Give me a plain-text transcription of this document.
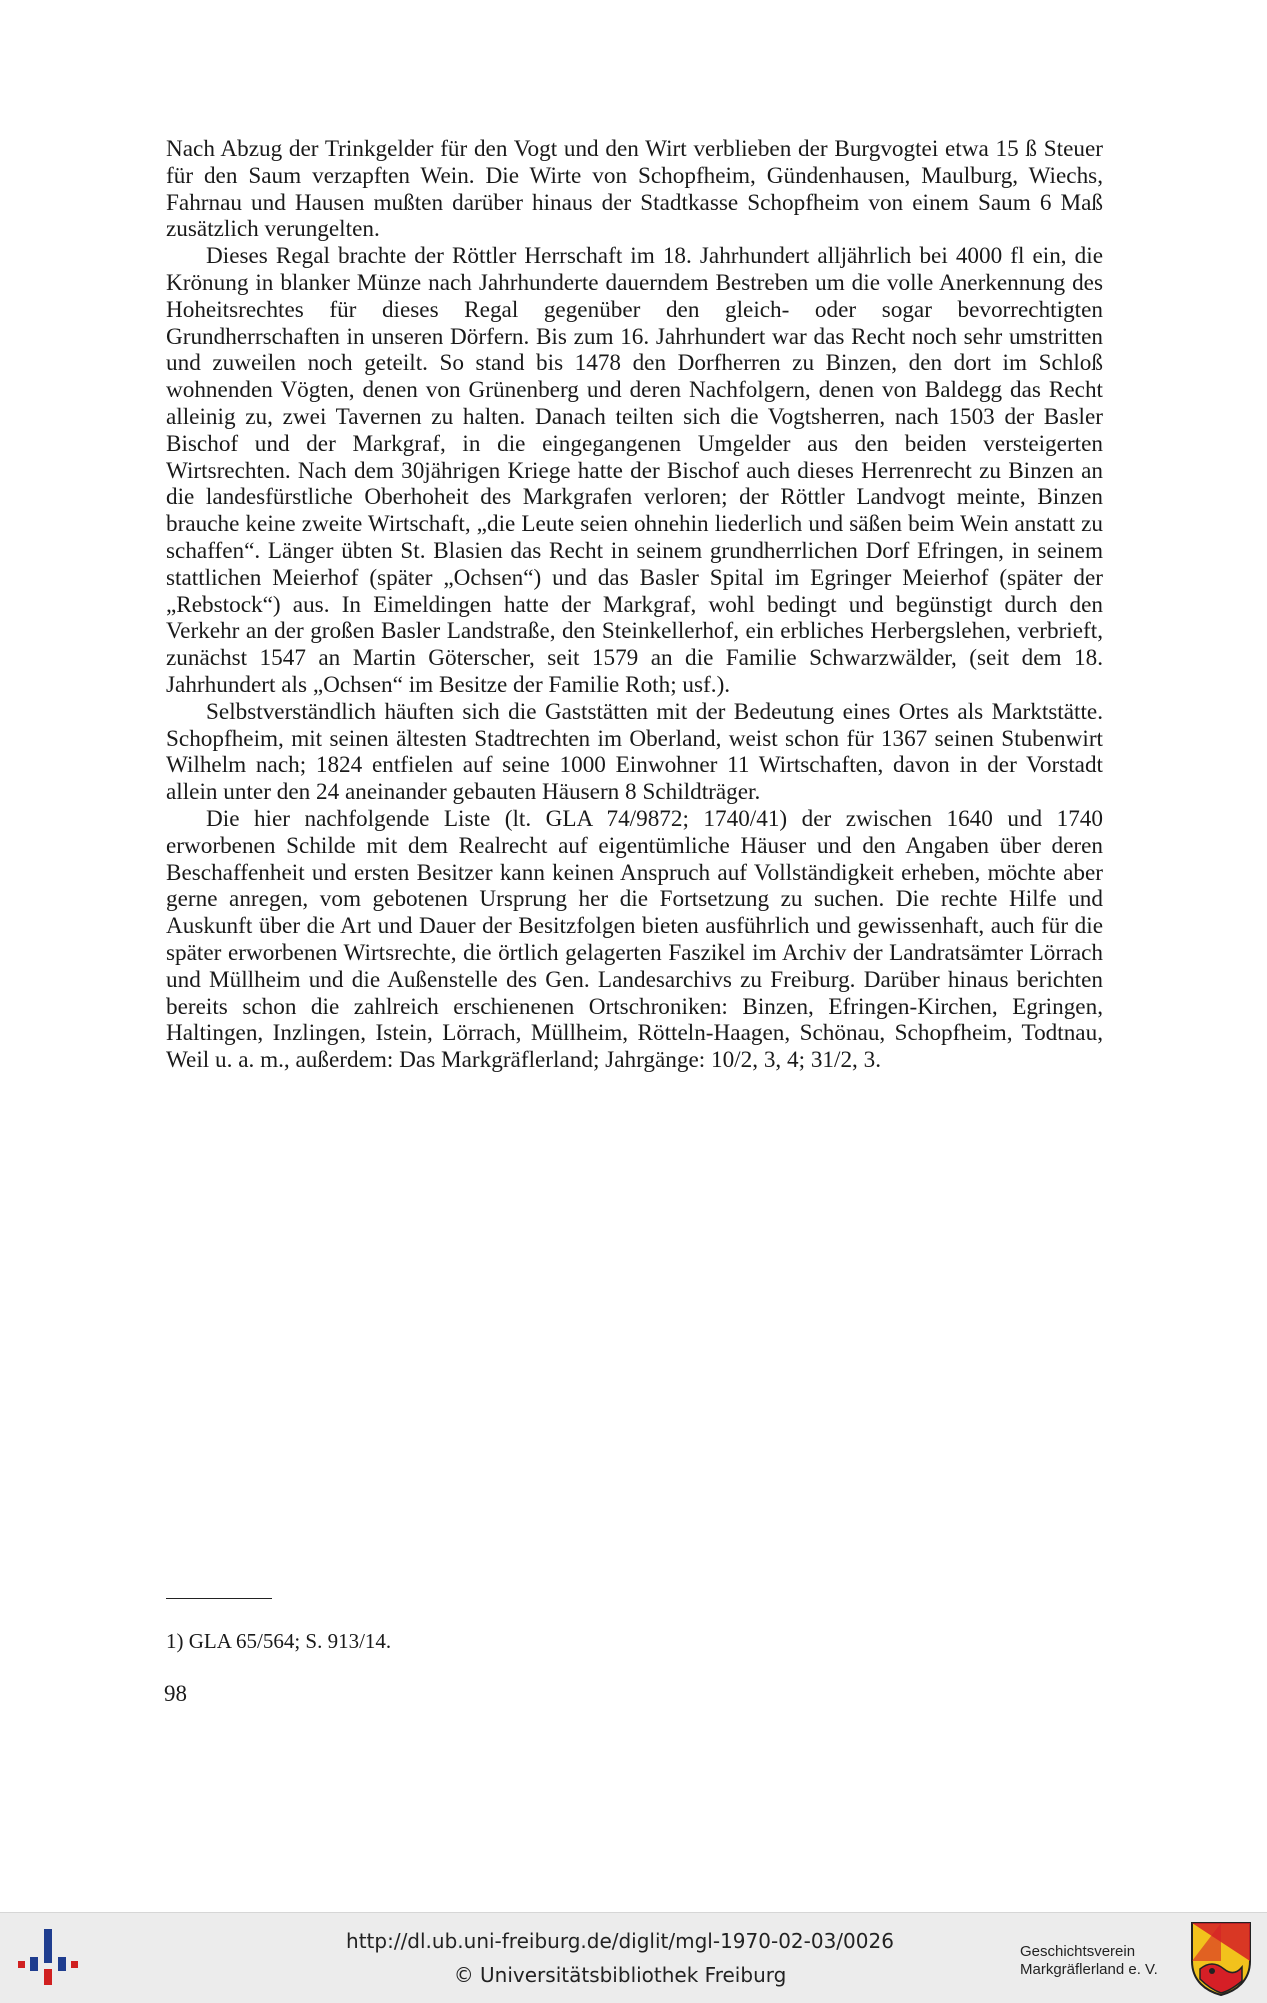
Nach Abzug der Trinkgelder für den Vogt und den Wirt verblieben der Burgvogtei etwa 15 ß Steuer für den Saum verzapften Wein. Die Wirte von Schopfheim, Gündenhausen, Maulburg, Wiechs, Fahrnau und Hausen mußten darüber hinaus der Stadtkasse Schopfheim von einem Saum 6 Maß zusätzlich verungelten.

Dieses Regal brachte der Röttler Herrschaft im 18. Jahrhundert alljährlich bei 4000 fl ein, die Krönung in blanker Münze nach Jahrhunderte dauerndem Bestreben um die volle Anerkennung des Hoheitsrechtes für dieses Regal gegenüber den gleich- oder sogar bevorrechtigten Grundherrschaften in unseren Dörfern. Bis zum 16. Jahrhundert war das Recht noch sehr umstritten und zuweilen noch geteilt. So stand bis 1478 den Dorfherren zu Binzen, den dort im Schloß wohnenden Vögten, denen von Grünenberg und deren Nachfolgern, denen von Baldegg das Recht alleinig zu, zwei Tavernen zu halten. Danach teilten sich die Vogtsherren, nach 1503 der Basler Bischof und der Markgraf, in die eingegangenen Umgelder aus den beiden versteigerten Wirtsrechten. Nach dem 30jährigen Kriege hatte der Bischof auch dieses Herrenrecht zu Binzen an die landesfürstliche Oberhoheit des Markgrafen verloren; der Röttler Landvogt meinte, Binzen brauche keine zweite Wirtschaft, „die Leute seien ohnehin liederlich und säßen beim Wein anstatt zu schaffen“. Länger übten St. Blasien das Recht in seinem grundherrlichen Dorf Efringen, in seinem stattlichen Meierhof (später „Ochsen“) und das Basler Spital im Egringer Meierhof (später der „Rebstock“) aus. In Eimeldingen hatte der Markgraf, wohl bedingt und begünstigt durch den Verkehr an der großen Basler Landstraße, den Steinkellerhof, ein erbliches Herbergslehen, verbrieft, zunächst 1547 an Martin Göterscher, seit 1579 an die Familie Schwarzwälder, (seit dem 18. Jahrhundert als „Ochsen“ im Besitze der Familie Roth; usf.).

Selbstverständlich häuften sich die Gaststätten mit der Bedeutung eines Ortes als Marktstätte. Schopfheim, mit seinen ältesten Stadtrechten im Oberland, weist schon für 1367 seinen Stubenwirt Wilhelm nach; 1824 entfielen auf seine 1000 Einwohner 11 Wirtschaften, davon in der Vorstadt allein unter den 24 aneinander gebauten Häusern 8 Schildträger.

Die hier nachfolgende Liste (lt. GLA 74/9872; 1740/41) der zwischen 1640 und 1740 erworbenen Schilde mit dem Realrecht auf eigentümliche Häuser und den Angaben über deren Beschaffenheit und ersten Besitzer kann keinen Anspruch auf Vollständigkeit erheben, möchte aber gerne anregen, vom gebotenen Ursprung her die Fortsetzung zu suchen. Die rechte Hilfe und Auskunft über die Art und Dauer der Besitzfolgen bieten ausführlich und gewissenhaft, auch für die später erworbenen Wirtsrechte, die örtlich gelagerten Faszikel im Archiv der Landratsämter Lörrach und Müllheim und die Außenstelle des Gen. Landesarchivs zu Freiburg. Darüber hinaus berichten bereits schon die zahlreich erschienenen Ortschroniken: Binzen, Efringen-Kirchen, Egringen, Haltingen, Inzlingen, Istein, Lörrach, Müllheim, Rötteln-Haagen, Schönau, Schopfheim, Todtnau, Weil u. a. m., außerdem: Das Markgräflerland; Jahrgänge: 10/2, 3, 4; 31/2, 3.

1) GLA 65/564; S. 913/14.
98
http://dl.ub.uni-freiburg.de/diglit/mgl-1970-02-03/0026
© Universitätsbibliothek Freiburg
Geschichtsverein
Markgräflerland e. V.
